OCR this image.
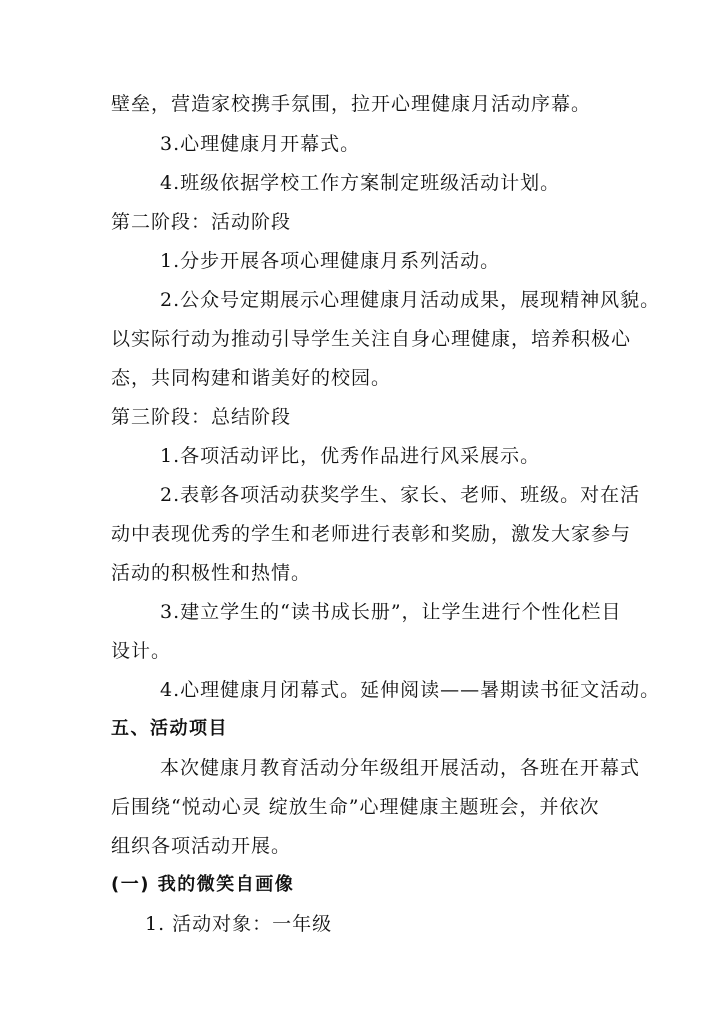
壁垒，营造家校携手氛围，拉开心理健康月活动序幕。
3.心理健康月开幕式。
4.班级依据学校工作方案制定班级活动计划。
第二阶段：活动阶段
1.分步开展各项心理健康月系列活动。
2.公众号定期展示心理健康月活动成果，展现精神风貌。
以实际行动为推动引导学生关注自身心理健康，培养积极心
态，共同构建和谐美好的校园。
第三阶段：总结阶段
1.各项活动评比，优秀作品进行风采展示。
2.表彰各项活动获奖学生、家长、老师、班级。对在活
动中表现优秀的学生和老师进行表彰和奖励，激发大家参与
活动的积极性和热情。
3.建立学生的“读书成长册”，让学生进行个性化栏目
设计。
4.心理健康月闭幕式。延伸阅读——暑期读书征文活动。
五、活动项目
本次健康月教育活动分年级组开展活动，各班在开幕式
后围绕“悦动心灵 绽放生命”心理健康主题班会，并依次
组织各项活动开展。
(一) 我的微笑自画像
1. 活动对象：一年级
